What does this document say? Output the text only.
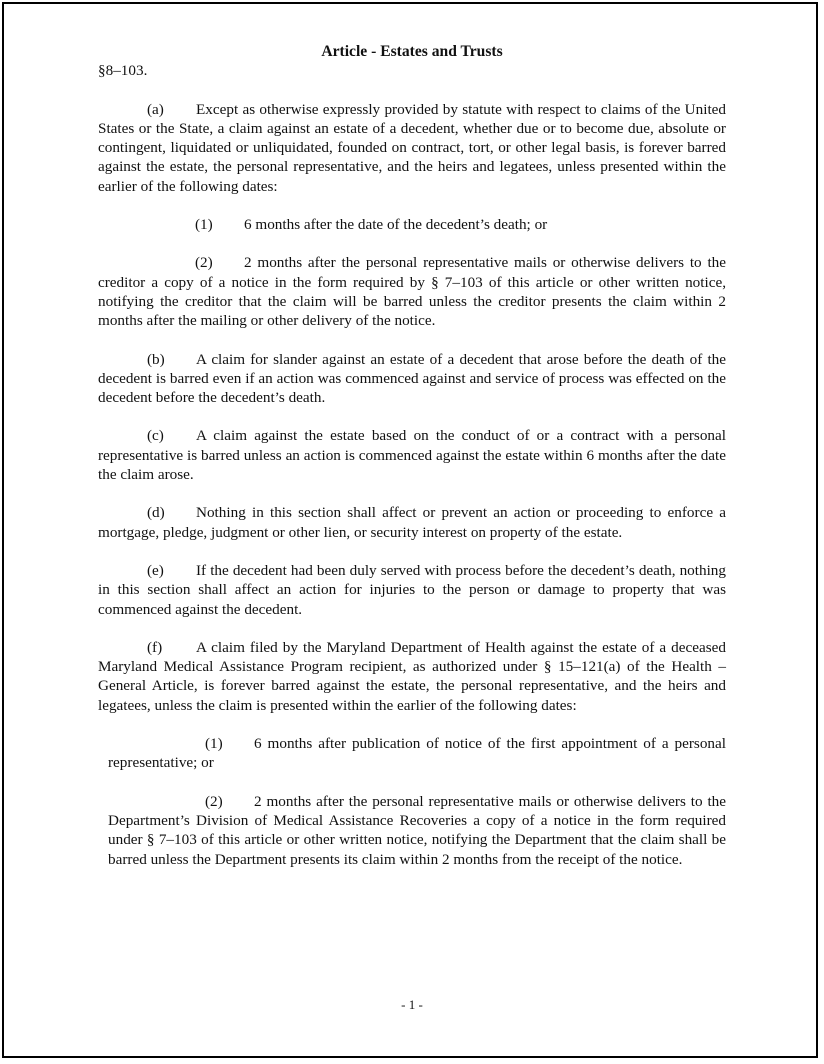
Article - Estates and Trusts

§8–103.

(a) Except as otherwise expressly provided by statute with respect to claims of the United States or the State, a claim against an estate of a decedent, whether due or to become due, absolute or contingent, liquidated or unliquidated, founded on contract, tort, or other legal basis, is forever barred against the estate, the personal representative, and the heirs and legatees, unless presented within the earlier of the following dates:

(1) 6 months after the date of the decedent’s death; or

(2) 2 months after the personal representative mails or otherwise delivers to the creditor a copy of a notice in the form required by § 7–103 of this article or other written notice, notifying the creditor that the claim will be barred unless the creditor presents the claim within 2 months after the mailing or other delivery of the notice.

(b) A claim for slander against an estate of a decedent that arose before the death of the decedent is barred even if an action was commenced against and service of process was effected on the decedent before the decedent’s death.

(c) A claim against the estate based on the conduct of or a contract with a personal representative is barred unless an action is commenced against the estate within 6 months after the date the claim arose.

(d) Nothing in this section shall affect or prevent an action or proceeding to enforce a mortgage, pledge, judgment or other lien, or security interest on property of the estate.

(e) If the decedent had been duly served with process before the decedent’s death, nothing in this section shall affect an action for injuries to the person or damage to property that was commenced against the decedent.

(f) A claim filed by the Maryland Department of Health against the estate of a deceased Maryland Medical Assistance Program recipient, as authorized under § 15–121(a) of the Health – General Article, is forever barred against the estate, the personal representative, and the heirs and legatees, unless the claim is presented within the earlier of the following dates:

(1) 6 months after publication of notice of the first appointment of a personal representative; or

(2) 2 months after the personal representative mails or otherwise delivers to the Department’s Division of Medical Assistance Recoveries a copy of a notice in the form required under § 7–103 of this article or other written notice, notifying the Department that the claim shall be barred unless the Department presents its claim within 2 months from the receipt of the notice.

- 1 -
